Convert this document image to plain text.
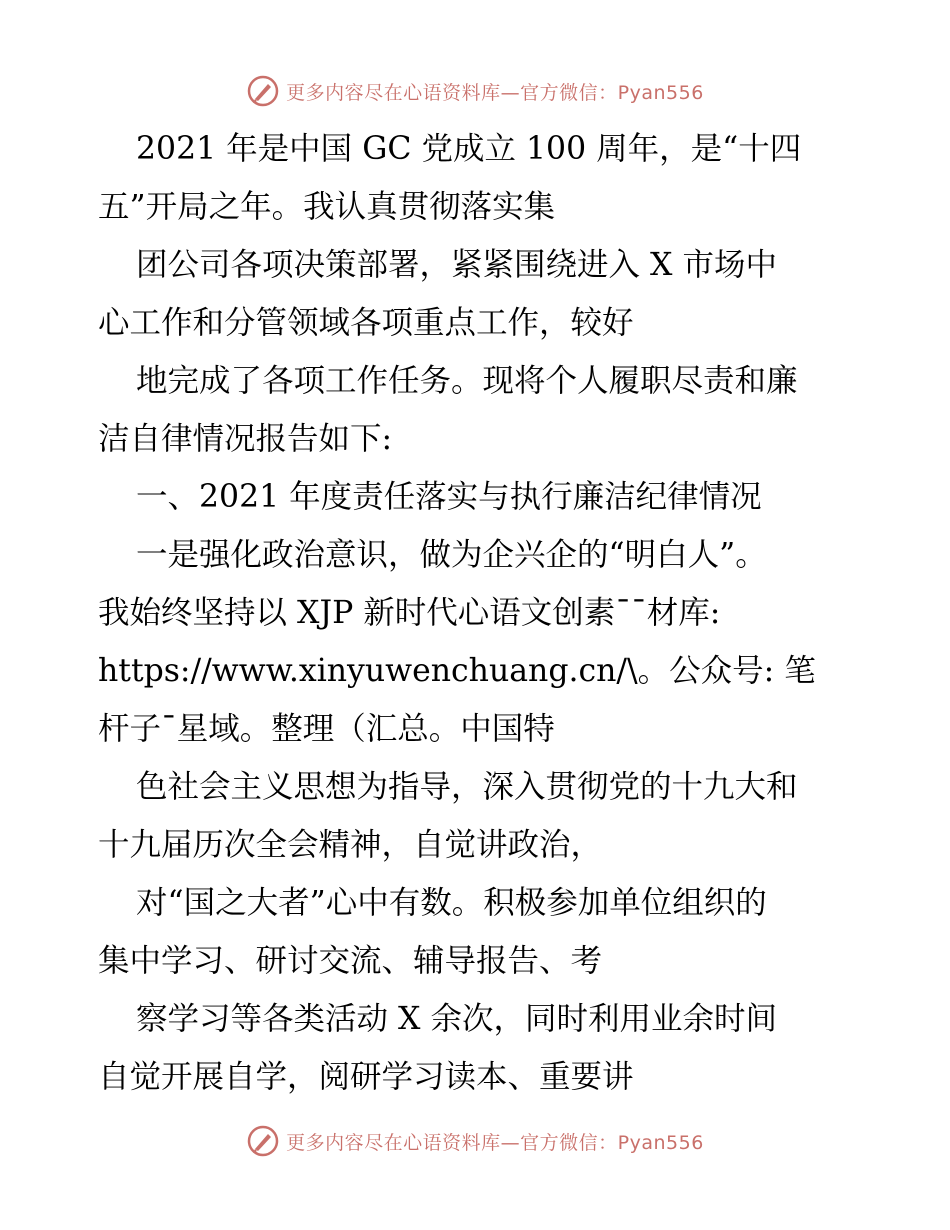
更多内容尽在心语资料库—官方微信：Pyan556
2021 年是中国 GC 党成立 100 周年，是“十四
五”开局之年。我认真贯彻落实集
团公司各项决策部署，紧紧围绕进入 X 市场中
心工作和分管领域各项重点工作，较好
地完成了各项工作任务。现将个人履职尽责和廉
洁自律情况报告如下:
一、2021 年度责任落实与执行廉洁纪律情况
一是强化政治意识，做为企兴企的“明白人”。
我始终坚持以 XJP 新时代心语文创素¯¯材库:
https://www.xinyuwenchuang.cn/\。公众号: 笔
杆子¯星域。整理（汇总。中国特
色社会主义思想为指导，深入贯彻党的十九大和
十九届历次全会精神，自觉讲政治，
对“国之大者”心中有数。积极参加单位组织的
集中学习、研讨交流、辅导报告、考
察学习等各类活动 X 余次，同时利用业余时间
自觉开展自学，阅研学习读本、重要讲
更多内容尽在心语资料库—官方微信：Pyan556
